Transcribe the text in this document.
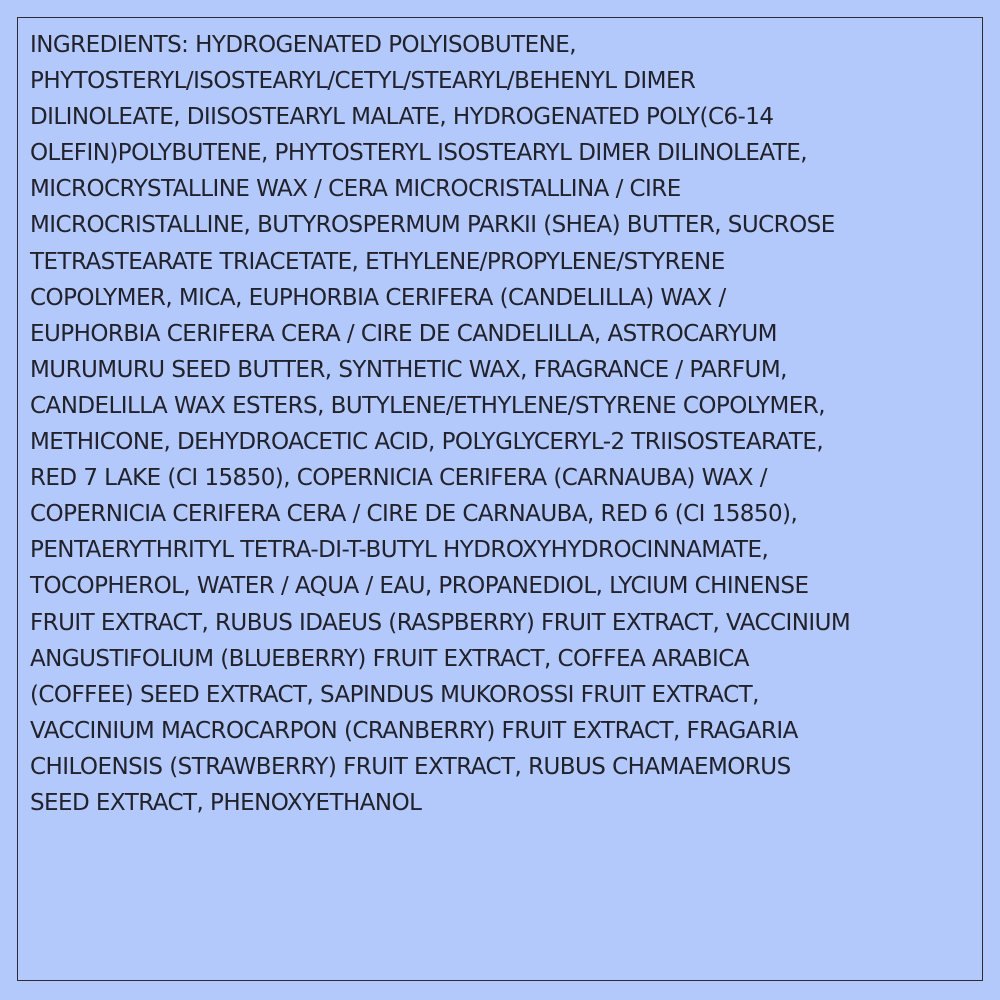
INGREDIENTS: HYDROGENATED POLYISOBUTENE,
PHYTOSTERYL/ISOSTEARYL/CETYL/STEARYL/BEHENYL DIMER
DILINOLEATE, DIISOSTEARYL MALATE, HYDROGENATED POLY(C6-14
OLEFIN)POLYBUTENE, PHYTOSTERYL ISOSTEARYL DIMER DILINOLEATE,
MICROCRYSTALLINE WAX / CERA MICROCRISTALLINA / CIRE
MICROCRISTALLINE, BUTYROSPERMUM PARKII (SHEA) BUTTER, SUCROSE
TETRASTEARATE TRIACETATE, ETHYLENE/PROPYLENE/STYRENE
COPOLYMER, MICA, EUPHORBIA CERIFERA (CANDELILLA) WAX /
EUPHORBIA CERIFERA CERA / CIRE DE CANDELILLA, ASTROCARYUM
MURUMURU SEED BUTTER, SYNTHETIC WAX, FRAGRANCE / PARFUM,
CANDELILLA WAX ESTERS, BUTYLENE/ETHYLENE/STYRENE COPOLYMER,
METHICONE, DEHYDROACETIC ACID, POLYGLYCERYL-2 TRIISOSTEARATE,
RED 7 LAKE (CI 15850), COPERNICIA CERIFERA (CARNAUBA) WAX /
COPERNICIA CERIFERA CERA / CIRE DE CARNAUBA, RED 6 (CI 15850),
PENTAERYTHRITYL TETRA-DI-T-BUTYL HYDROXYHYDROCINNAMATE,
TOCOPHEROL, WATER / AQUA / EAU, PROPANEDIOL, LYCIUM CHINENSE
FRUIT EXTRACT, RUBUS IDAEUS (RASPBERRY) FRUIT EXTRACT, VACCINIUM
ANGUSTIFOLIUM (BLUEBERRY) FRUIT EXTRACT, COFFEA ARABICA
(COFFEE) SEED EXTRACT, SAPINDUS MUKOROSSI FRUIT EXTRACT,
VACCINIUM MACROCARPON (CRANBERRY) FRUIT EXTRACT, FRAGARIA
CHILOENSIS (STRAWBERRY) FRUIT EXTRACT, RUBUS CHAMAEMORUS
SEED EXTRACT, PHENOXYETHANOL
